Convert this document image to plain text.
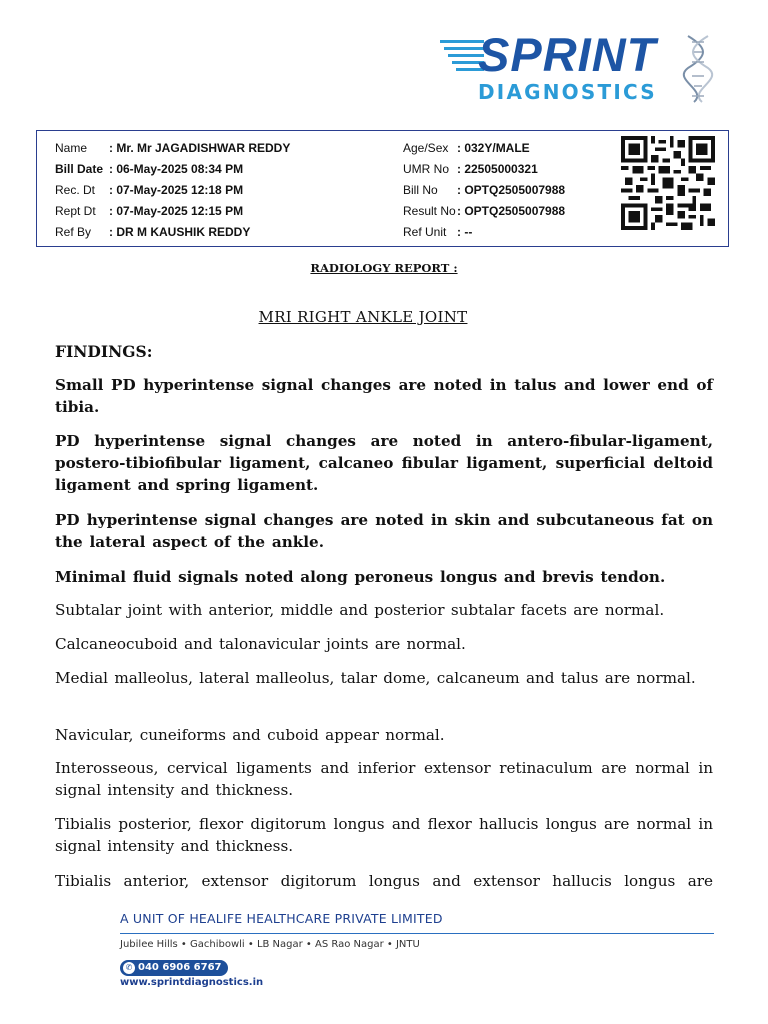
SPRINT
DIAGNOSTICS
Name : Mr. Mr JAGADISHWAR REDDY
Bill Date : 06-May-2025 08:34 PM
Rec. Dt : 07-May-2025 12:18 PM
Rept Dt : 07-May-2025 12:15 PM
Ref By : DR M KAUSHIK REDDY
Age/Sex : 032Y/MALE
UMR No : 22505000321
Bill No : OPTQ2505007988
Result No : OPTQ2505007988
Ref Unit : --
RADIOLOGY REPORT :
MRI RIGHT ANKLE JOINT
FINDINGS:
Small PD hyperintense signal changes are noted in talus and lower end of tibia.
PD hyperintense signal changes are noted in antero-fibular-ligament, postero-tibiofibular ligament, calcaneo fibular ligament, superficial deltoid ligament and spring ligament.
PD hyperintense signal changes are noted in skin and subcutaneous fat on the lateral aspect of the ankle.
Minimal fluid signals noted along peroneus longus and brevis tendon.
Subtalar joint with anterior, middle and posterior subtalar facets are normal.
Calcaneocuboid and talonavicular joints are normal.
Medial malleolus, lateral malleolus, talar dome, calcaneum and talus are normal.
Navicular, cuneiforms and cuboid appear normal.
Interosseous, cervical ligaments and inferior extensor retinaculum are normal in signal intensity and thickness.
Tibialis posterior, flexor digitorum longus and flexor hallucis longus are normal in signal intensity and thickness.
Tibialis anterior, extensor digitorum longus and extensor hallucis longus are
A UNIT OF HEALIFE HEALTHCARE PRIVATE LIMITED
Jubilee Hills • Gachibowli • LB Nagar • AS Rao Nagar • JNTU
✆ 040 6906 6767
www.sprintdiagnostics.in
